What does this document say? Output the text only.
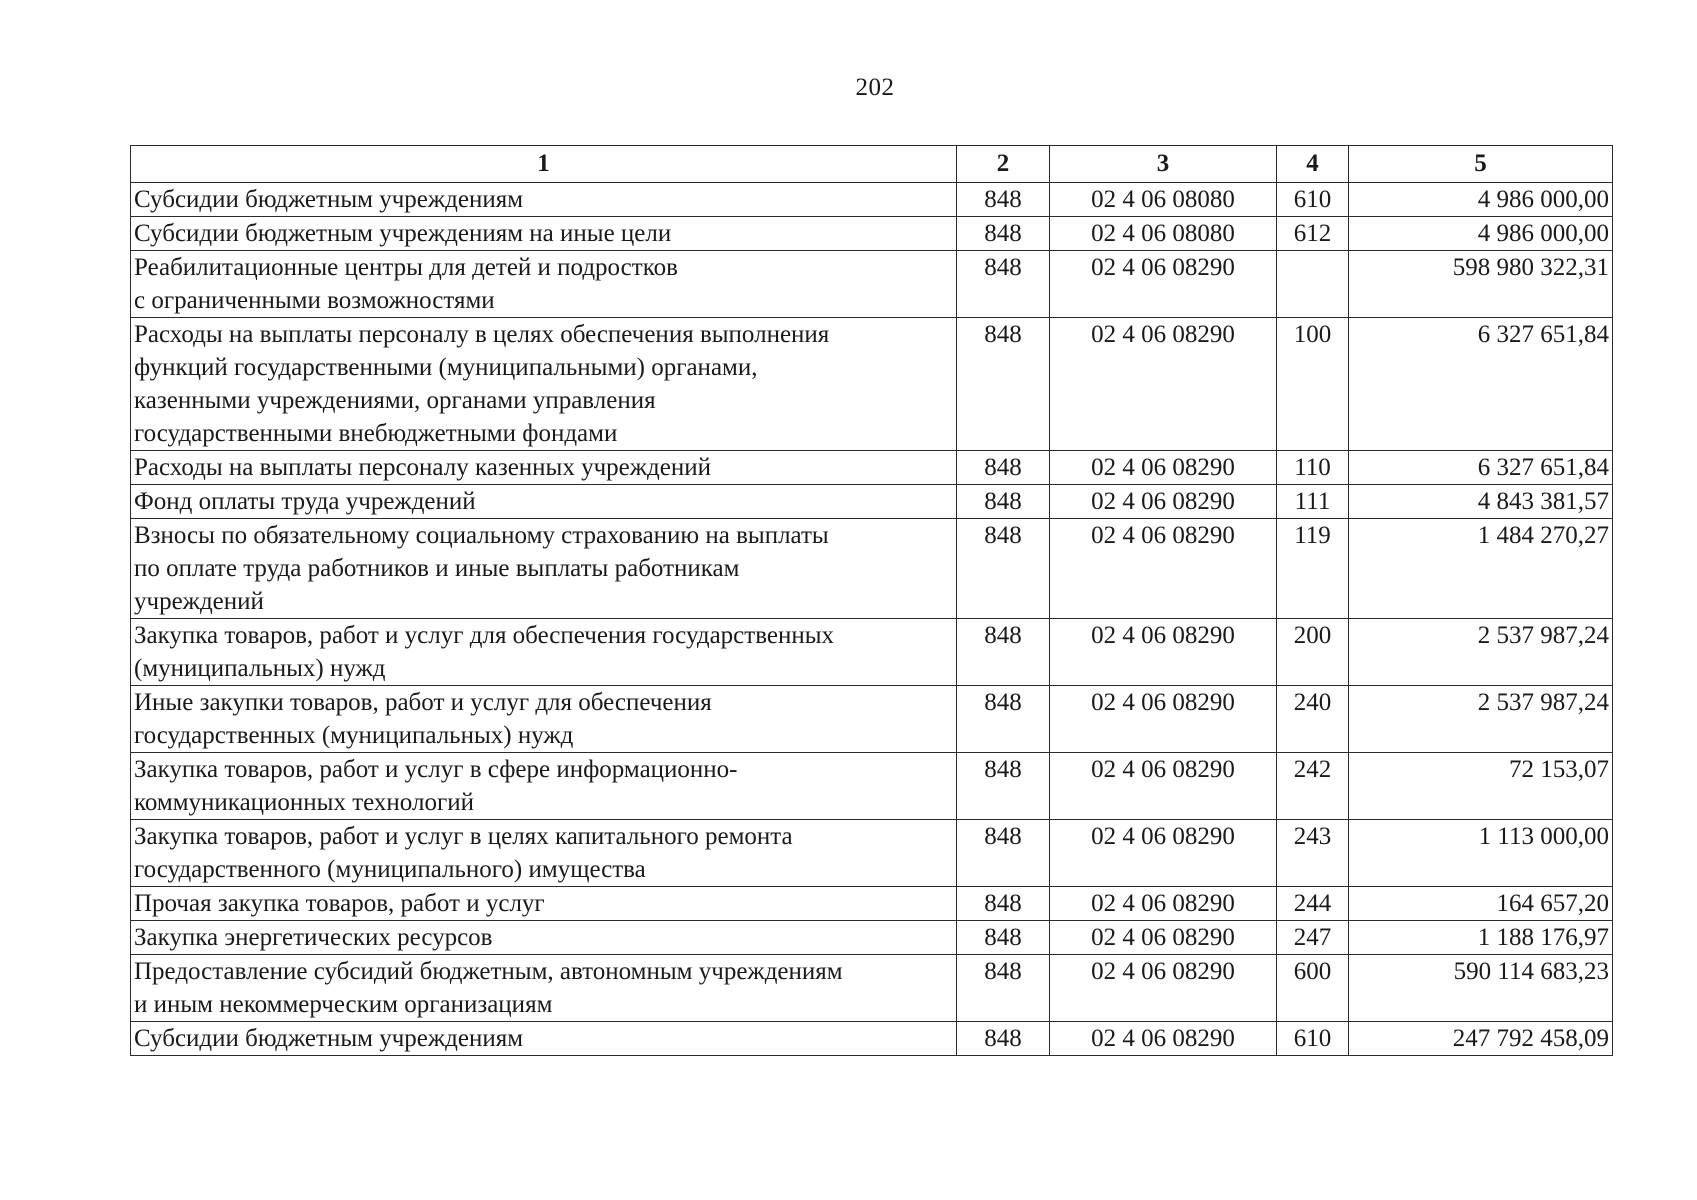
202
1	2	3	4	5
Субсидии бюджетным учреждениям	848	02 4 06 08080	610	4 986 000,00
Субсидии бюджетным учреждениям на иные цели	848	02 4 06 08080	612	4 986 000,00
Реабилитационные центры для детей и подростков
с ограниченными возможностями	848	02 4 06 08290		598 980 322,31
Расходы на выплаты персоналу в целях обеспечения выполнения
функций государственными (муниципальными) органами,
казенными учреждениями, органами управления
государственными внебюджетными фондами	848	02 4 06 08290	100	6 327 651,84
Расходы на выплаты персоналу казенных учреждений	848	02 4 06 08290	110	6 327 651,84
Фонд оплаты труда учреждений	848	02 4 06 08290	111	4 843 381,57
Взносы по обязательному социальному страхованию на выплаты
по оплате труда работников и иные выплаты работникам
учреждений	848	02 4 06 08290	119	1 484 270,27
Закупка товаров, работ и услуг для обеспечения государственных
(муниципальных) нужд	848	02 4 06 08290	200	2 537 987,24
Иные закупки товаров, работ и услуг для обеспечения
государственных (муниципальных) нужд	848	02 4 06 08290	240	2 537 987,24
Закупка товаров, работ и услуг в сфере информационно-
коммуникационных технологий	848	02 4 06 08290	242	72 153,07
Закупка товаров, работ и услуг в целях капитального ремонта
государственного (муниципального) имущества	848	02 4 06 08290	243	1 113 000,00
Прочая закупка товаров, работ и услуг	848	02 4 06 08290	244	164 657,20
Закупка энергетических ресурсов	848	02 4 06 08290	247	1 188 176,97
Предоставление субсидий бюджетным, автономным учреждениям
и иным некоммерческим организациям	848	02 4 06 08290	600	590 114 683,23
Субсидии бюджетным учреждениям	848	02 4 06 08290	610	247 792 458,09
